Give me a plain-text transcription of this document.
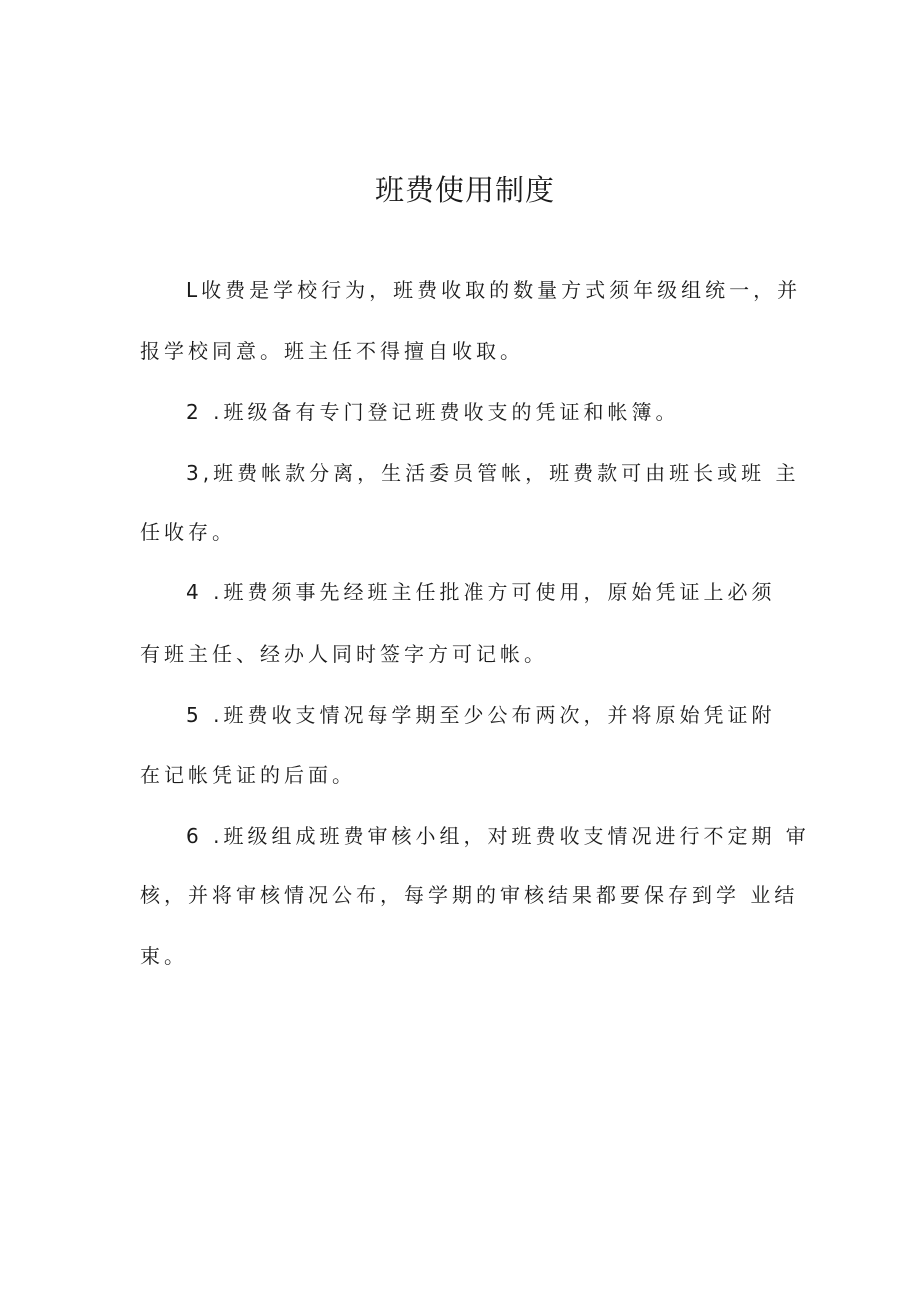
班费使用制度

L收费是学校行为，班费收取的数量方式须年级组统一，并

报学校同意。班主任不得擅自收取。

2 .班级备有专门登记班费收支的凭证和帐簿。

3,班费帐款分离，生活委员管帐，班费款可由班长或班 主

任收存。

4 .班费须事先经班主任批准方可使用，原始凭证上必须

有班主任、经办人同时签字方可记帐。

5 .班费收支情况每学期至少公布两次，并将原始凭证附

在记帐凭证的后面。

6 .班级组成班费审核小组，对班费收支情况进行不定期 审

核，并将审核情况公布，每学期的审核结果都要保存到学 业结

束。
